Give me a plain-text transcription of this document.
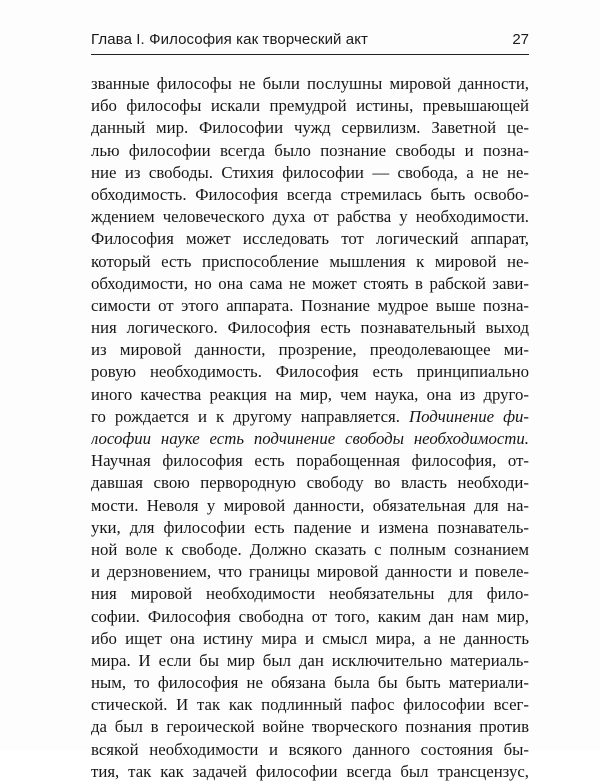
Глава I. Философия как творческий акт	27
званные философы не были послушны мировой данности,
ибо философы искали премудрой истины, превышающей
данный мир. Философии чужд сервилизм. Заветной це-
лью философии всегда было познание свободы и позна-
ние из свободы. Стихия философии — свобода, а не не-
обходимость. Философия всегда стремилась быть освобо-
ждением человеческого духа от рабства у необходимости.
Философия может исследовать тот логический аппарат,
который есть приспособление мышления к мировой не-
обходимости, но она сама не может стоять в рабской зави-
симости от этого аппарата. Познание мудрое выше позна-
ния логического. Философия есть познавательный выход
из мировой данности, прозрение, преодолевающее ми-
ровую необходимость. Философия есть принципиально
иного качества реакция на мир, чем наука, она из друго-
го рождается и к другому направляется. Подчинение фи-
лософии науке есть подчинение свободы необходимости.
Научная философия есть порабощенная философия, от-
давшая свою первородную свободу во власть необходи-
мости. Неволя у мировой данности, обязательная для на-
уки, для философии есть падение и измена познаватель-
ной воле к свободе. Должно сказать с полным сознанием
и дерзновением, что границы мировой данности и повеле-
ния мировой необходимости необязательны для фило-
софии. Философия свободна от того, каким дан нам мир,
ибо ищет она истину мира и смысл мира, а не данность
мира. И если бы мир был дан исключительно материаль-
ным, то философия не обязана была бы быть материали-
стической. И так как подлинный пафос философии всег-
да был в героической войне творческого познания против
всякой необходимости и всякого данного состояния бы-
тия, так как задачей философии всегда был трансцензус,
